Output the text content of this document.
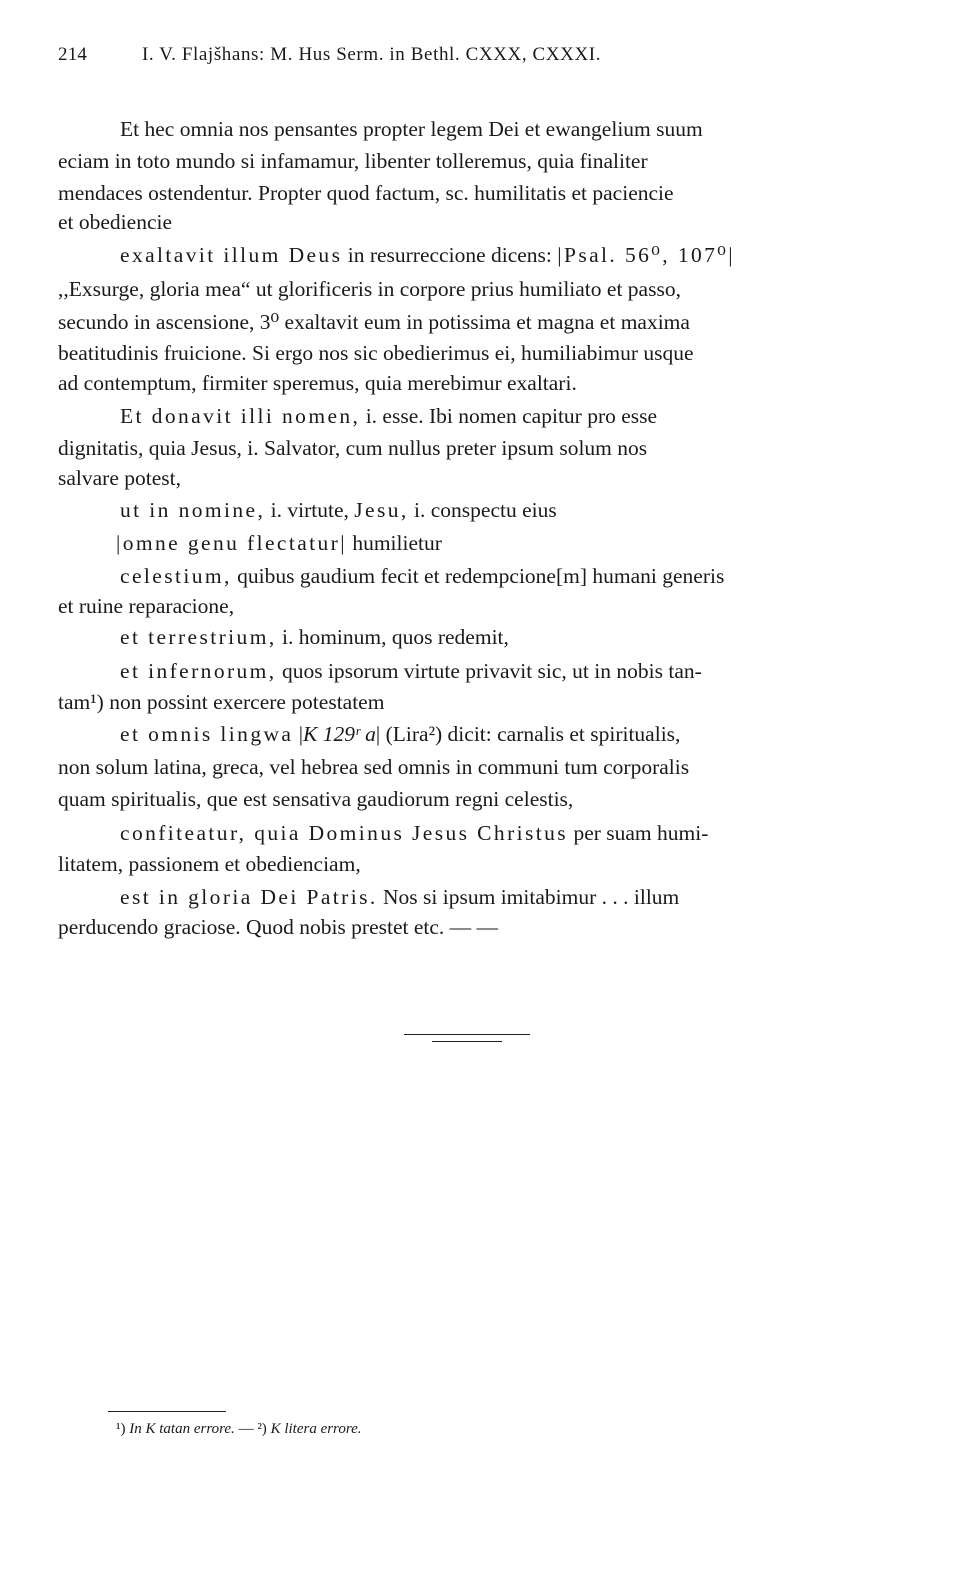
214	I. V. Flajšhans: M. Hus Serm. in Bethl. CXXX, CXXXI.
Et hec omnia nos pensantes propter legem Dei et ewangelium suum
eciam in toto mundo si infamamur, libenter tolleremus, quia finaliter
mendaces ostendentur. Propter quod factum, sc. humilitatis et paciencie
et obediencie
exaltavit illum Deus in resurreccione dicens: |Psal. 56⁰, 107⁰|
,,Exsurge, gloria mea“ ut glorificeris in corpore prius humiliato et passo,
secundo in ascensione, 3⁰ exaltavit eum in potissima et magna et maxima
beatitudinis fruicione. Si ergo nos sic obedierimus ei, humiliabimur usque
ad contemptum, firmiter speremus, quia merebimur exaltari.
Et donavit illi nomen, i. esse. Ibi nomen capitur pro esse
dignitatis, quia Jesus, i. Salvator, cum nullus preter ipsum solum nos
salvare potest,
ut in nomine, i. virtute, Jesu, i. conspectu eius
|omne genu flectatur| humilietur
celestium, quibus gaudium fecit et redempcione[m] humani generis
et ruine reparacione,
et terrestrium, i. hominum, quos redemit,
et infernorum, quos ipsorum virtute privavit sic, ut in nobis tan-
tam¹) non possint exercere potestatem
et omnis lingwa |K 129ʳ a| (Lira²) dicit: carnalis et spiritualis,
non solum latina, greca, vel hebrea sed omnis in communi tum corporalis
quam spiritualis, que est sensativa gaudiorum regni celestis,
confiteatur, quia Dominus Jesus Christus per suam humi-
litatem, passionem et obedienciam,
est in gloria Dei Patris. Nos si ipsum imitabimur . . . illum
perducendo graciose. Quod nobis prestet etc. — —
¹) In K tatan errore. — ²) K litera errore.
